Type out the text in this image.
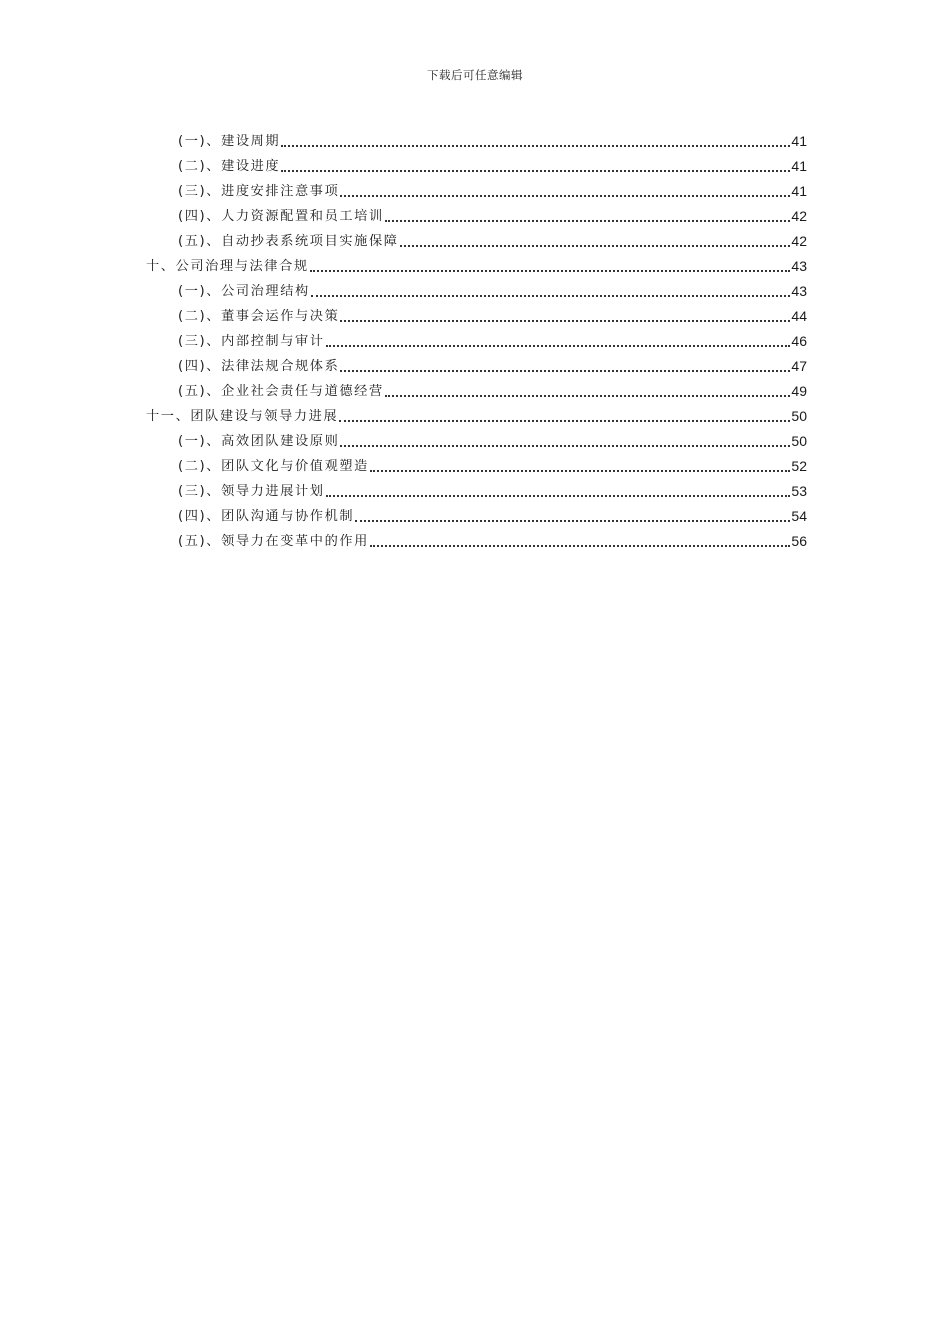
下载后可任意编辑
(一)、建设周期	41
(二)、建设进度	41
(三)、进度安排注意事项	41
(四)、人力资源配置和员工培训	42
(五)、自动抄表系统项目实施保障	42
十、公司治理与法律合规	43
(一)、公司治理结构	43
(二)、董事会运作与决策	44
(三)、内部控制与审计	46
(四)、法律法规合规体系	47
(五)、企业社会责任与道德经营	49
十一、团队建设与领导力进展	50
(一)、高效团队建设原则	50
(二)、团队文化与价值观塑造	52
(三)、领导力进展计划	53
(四)、团队沟通与协作机制	54
(五)、领导力在变革中的作用	56
